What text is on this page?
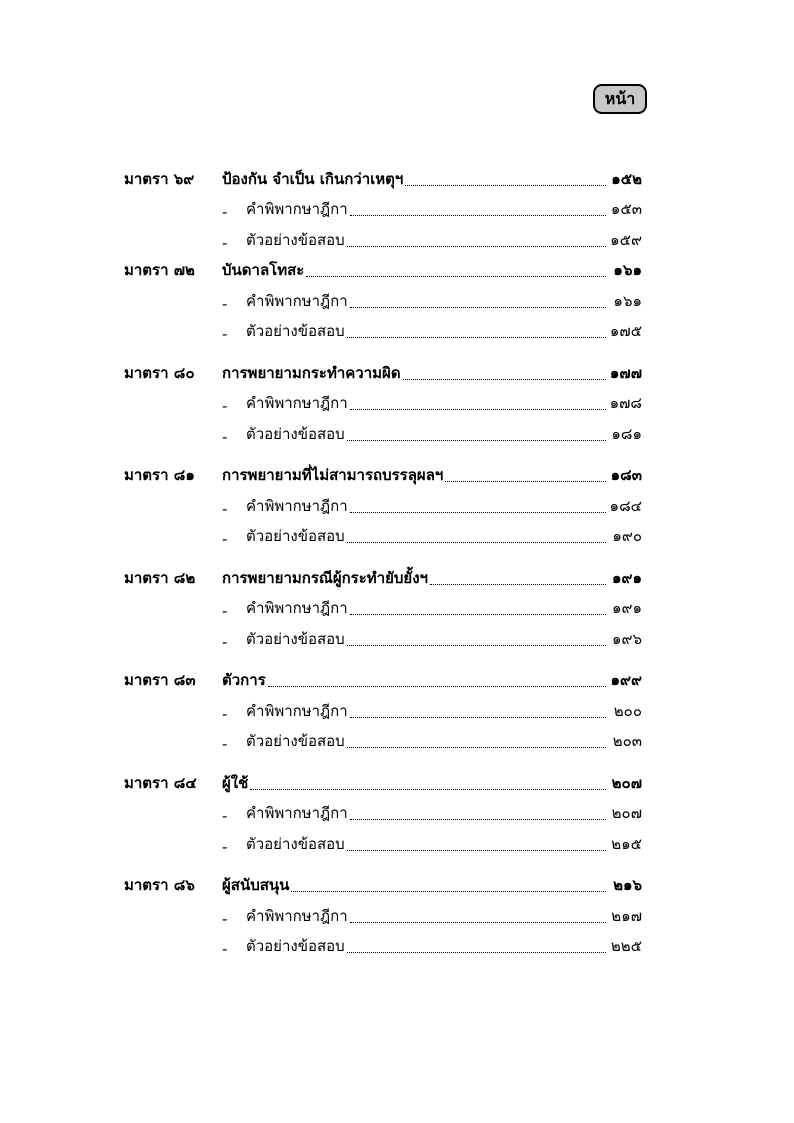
หน้า
มาตรา ๖๙	ป้องกัน จำเป็น เกินกว่าเหตุฯ	๑๕๒
-	คำพิพากษาฎีกา	๑๕๓
-	ตัวอย่างข้อสอบ	๑๕๙
มาตรา ๗๒	บันดาลโทสะ	๑๖๑
-	คำพิพากษาฎีกา	๑๖๑
-	ตัวอย่างข้อสอบ	๑๗๕
มาตรา ๘๐	การพยายามกระทำความผิด	๑๗๗
-	คำพิพากษาฎีกา	๑๗๘
-	ตัวอย่างข้อสอบ	๑๘๑
มาตรา ๘๑	การพยายามที่ไม่สามารถบรรลุผลฯ	๑๘๓
-	คำพิพากษาฎีกา	๑๘๔
-	ตัวอย่างข้อสอบ	๑๙๐
มาตรา ๘๒	การพยายามกรณีผู้กระทำยับยั้งฯ	๑๙๑
-	คำพิพากษาฎีกา	๑๙๑
-	ตัวอย่างข้อสอบ	๑๙๖
มาตรา ๘๓	ตัวการ	๑๙๙
-	คำพิพากษาฎีกา	๒๐๐
-	ตัวอย่างข้อสอบ	๒๐๓
มาตรา ๘๔	ผู้ใช้	๒๐๗
-	คำพิพากษาฎีกา	๒๐๗
-	ตัวอย่างข้อสอบ	๒๑๕
มาตรา ๘๖	ผู้สนับสนุน	๒๑๖
-	คำพิพากษาฎีกา	๒๑๗
-	ตัวอย่างข้อสอบ	๒๒๕
